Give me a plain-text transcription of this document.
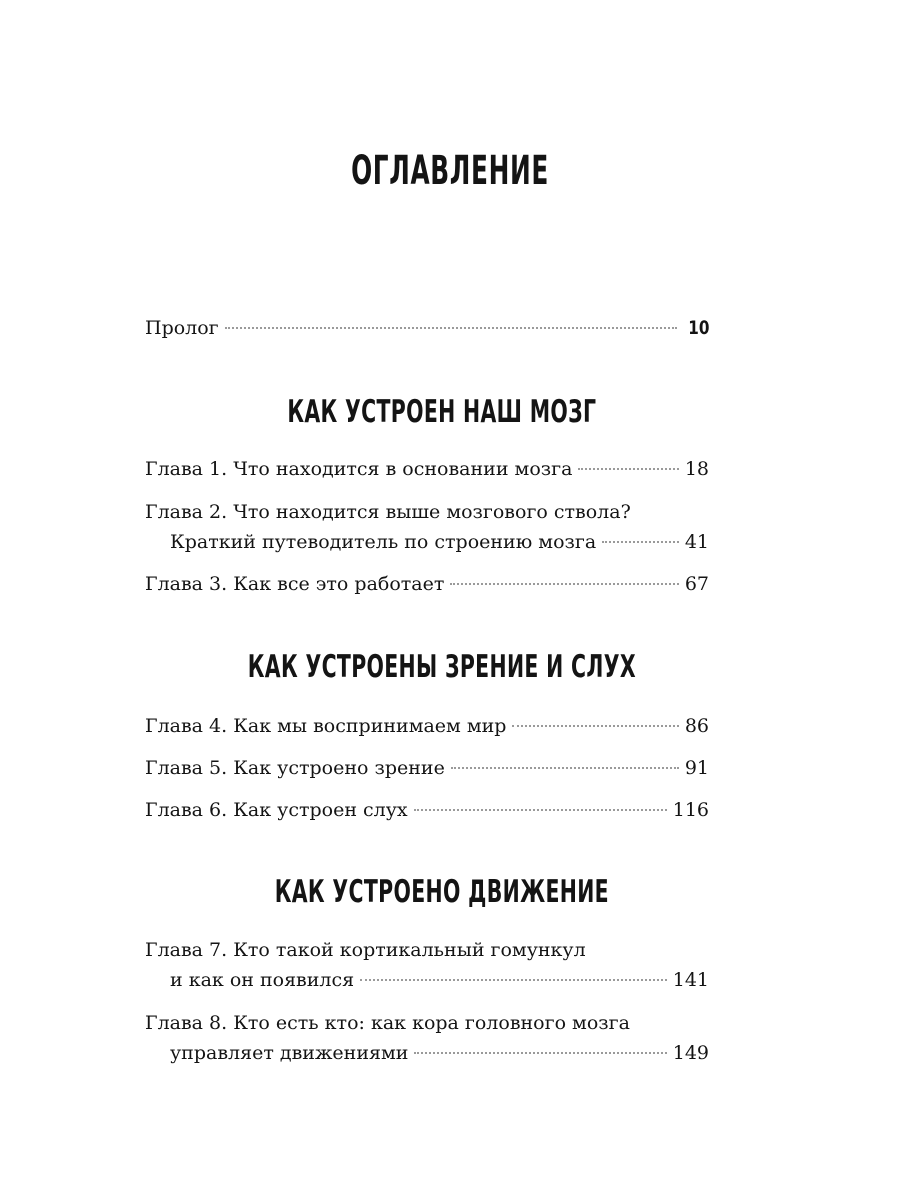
ОГЛАВЛЕНИЕ
Пролог	10
КАК УСТРОЕН НАШ МОЗГ
Глава 1. Что находится в основании мозга	18
Глава 2. Что находится выше мозгового ствола?
Краткий путеводитель по строению мозга	41
Глава 3. Как все это работает	67
КАК УСТРОЕНЫ ЗРЕНИЕ И СЛУХ
Глава 4. Как мы воспринимаем мир	86
Глава 5. Как устроено зрение	91
Глава 6. Как устроен слух	116
КАК УСТРОЕНО ДВИЖЕНИЕ
Глава 7. Кто такой кортикальный гомункул
и как он появился	141
Глава 8. Кто есть кто: как кора головного мозга
управляет движениями	149
